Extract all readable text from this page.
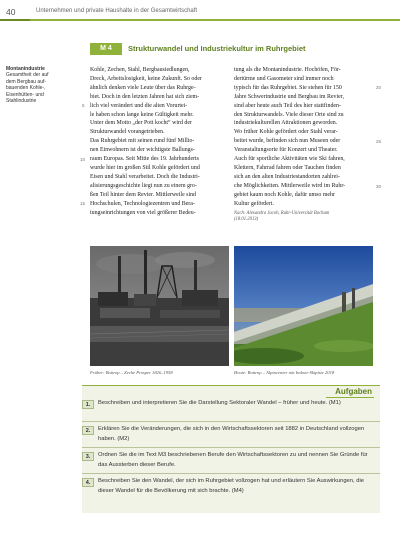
40	Unternehmen und private Haushalte in der Gesamtwirtschaft
M 4	Strukturwandel und Industriekultur im Ruhrgebiet
Montanindustrie
Gesamtheit der auf
dem Bergbau auf-
bauenden Kohle-,
Eisenhütten- und
Stahlindustrie
Kohle, Zechen, Stahl, Bergbausiedlungen,
Dreck, Arbeitslosigkeit, keine Zukunft. So oder
ähnlich denken viele Leute über das Ruhrge-
biet. Doch in den letzten Jahren hat sich ziem-
lich viel verändert und die alten Vorurtei-
le haben schon lange keine Gültigkeit mehr.
Unter dem Motto „der Pott kocht“ wird der
Strukturwandel vorangetrieben.
Das Ruhrgebiet mit seinen rund fünf Millio-
nen Einwohnern ist der wichtigste Ballungs-
raum Europas. Seit Mitte des 19. Jahrhunderts
wurde hier im großen Stil Kohle gefördert und
Eisen und Stahl verarbeitet. Doch die Industri-
alisierungsgeschichte liegt nun zu einem gro-
ßen Teil hinter dem Revier. Mittlerweile sind
Hochschulen, Technologiezentren und Bera-
tungseinrichtungen von viel größerer Bedeu-
5
10
15
tung als die Montanindustrie. Hochöfen, För-
dertürme und Gasometer sind immer noch
typisch für das Ruhrgebiet. Sie stehen für 150
Jahre Schwerindustrie und Bergbau im Revier,
sind aber heute auch Teil des hier stattfinden-
den Strukturwandels. Viele dieser Orte sind zu
industriekulturellen Attraktionen geworden.
Wo früher Kohle gefördert oder Stahl verar-
beitet wurde, befinden sich nun Museen oder
Veranstaltungsorte für Konzert und Theater.
Auch für sportliche Aktivitäten wie Ski fahren,
Klettern, Fahrrad fahren oder Tauchen finden
sich an den alten Industriestandorten zahlrei-
che Möglichkeiten. Mittlerweile wird im Ruhr-
gebiet kaum noch Kohle, dafür umso mehr
Kultur gefördert.
Nach: Alexandra Jacob, Ruhr-Universität Bochum
(18.01.2013)
20
25
30
Früher: Bottrop – Zeche Prosper 1826–1958	Heute: Bottrop – Alpincenter mit Indoor-Skipiste 2018
Aufgaben
1.	Beschreiben und interpretieren Sie die Darstellung Sektoraler Wandel – früher und heute. (M1)
2.	Erklären Sie die Veränderungen, die sich in den Wirtschaftssektoren seit 1882 in Deutschland vollzogen haben. (M2)
3.	Ordnen Sie die im Text M3 beschriebenen Berufe den Wirtschaftssektoren zu und nennen Sie Gründe für das Aussterben dieser Berufe.
4.	Beschreiben Sie den Wandel, der sich im Ruhrgebiet vollzogen hat und erläutern Sie Auswirkungen, die dieser Wandel für die Bevölkerung mit sich brachte. (M4)
